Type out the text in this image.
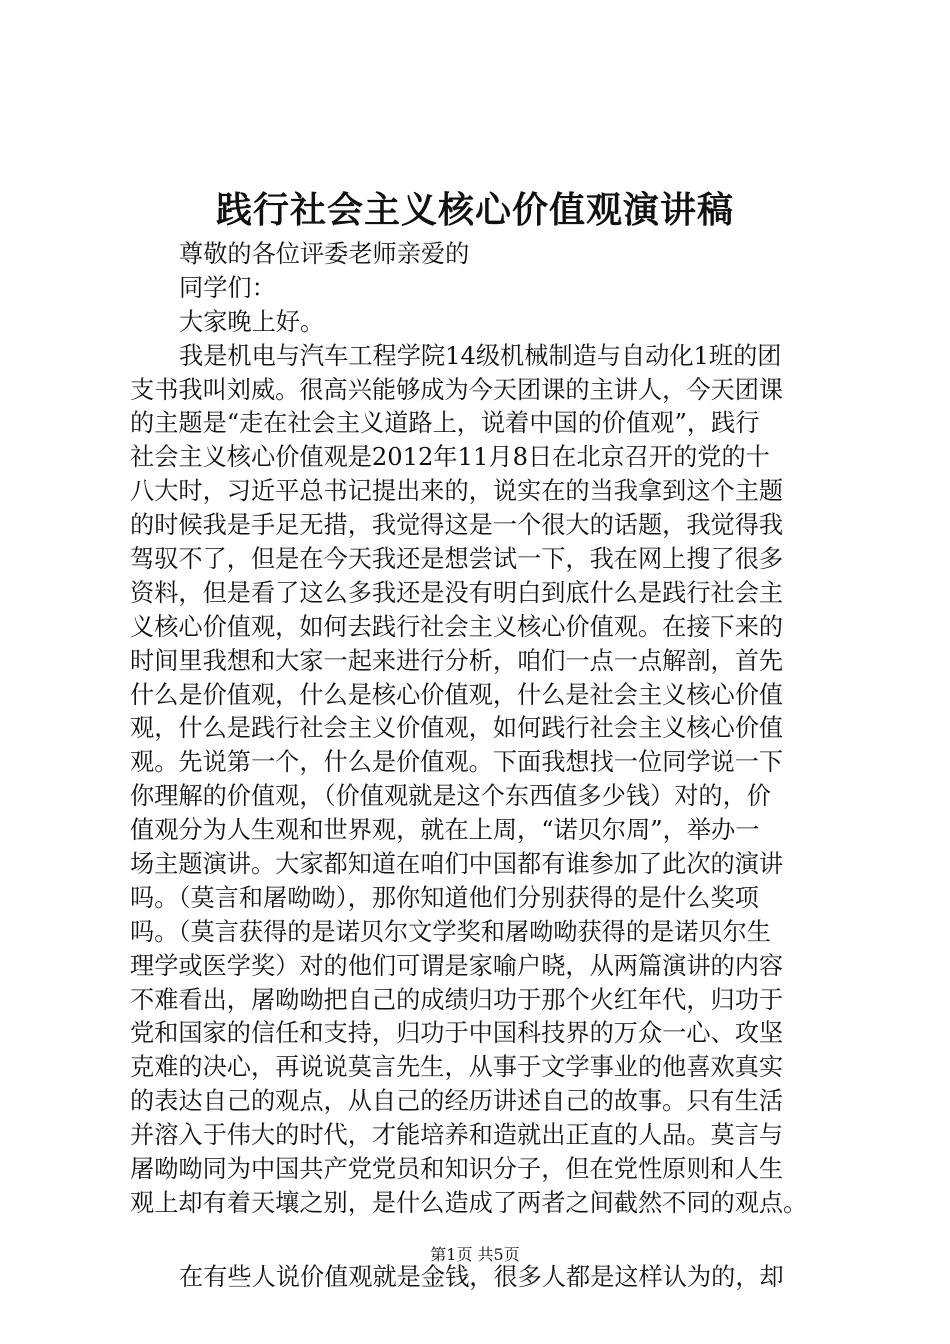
践行社会主义核心价值观演讲稿
尊敬的各位评委老师亲爱的
同学们：
大家晚上好。
我是机电与汽车工程学院14级机械制造与自动化1班的团
支书我叫刘威。很高兴能够成为今天团课的主讲人，今天团课
的主题是“走在社会主义道路上，说着中国的价值观”，践行
社会主义核心价值观是2012年11月8日在北京召开的党的十
八大时，习近平总书记提出来的，说实在的当我拿到这个主题
的时候我是手足无措，我觉得这是一个很大的话题，我觉得我
驾驭不了，但是在今天我还是想尝试一下，我在网上搜了很多
资料，但是看了这么多我还是没有明白到底什么是践行社会主
义核心价值观，如何去践行社会主义核心价值观。在接下来的
时间里我想和大家一起来进行分析，咱们一点一点解剖，首先
什么是价值观，什么是核心价值观，什么是社会主义核心价值
观，什么是践行社会主义价值观，如何践行社会主义核心价值
观。先说第一个，什么是价值观。下面我想找一位同学说一下
你理解的价值观，（价值观就是这个东西值多少钱）对的，价
值观分为人生观和世界观，就在上周，“诺贝尔周”，举办一
场主题演讲。大家都知道在咱们中国都有谁参加了此次的演讲
吗。（莫言和屠呦呦），那你知道他们分别获得的是什么奖项
吗。（莫言获得的是诺贝尔文学奖和屠呦呦获得的是诺贝尔生
理学或医学奖）对的他们可谓是家喻户晓，从两篇演讲的内容
不难看出，屠呦呦把自己的成绩归功于那个火红年代，归功于
党和国家的信任和支持，归功于中国科技界的万众一心、攻坚
克难的决心，再说说莫言先生，从事于文学事业的他喜欢真实
的表达自己的观点，从自己的经历讲述自己的故事。只有生活
并溶入于伟大的时代，才能培养和造就出正直的人品。莫言与
屠呦呦同为中国共产党党员和知识分子，但在党性原则和人生
观上却有着天壤之别，是什么造成了两者之间截然不同的观点。
在有些人说价值观就是金钱，很多人都是这样认为的，却
第1页 共5页
